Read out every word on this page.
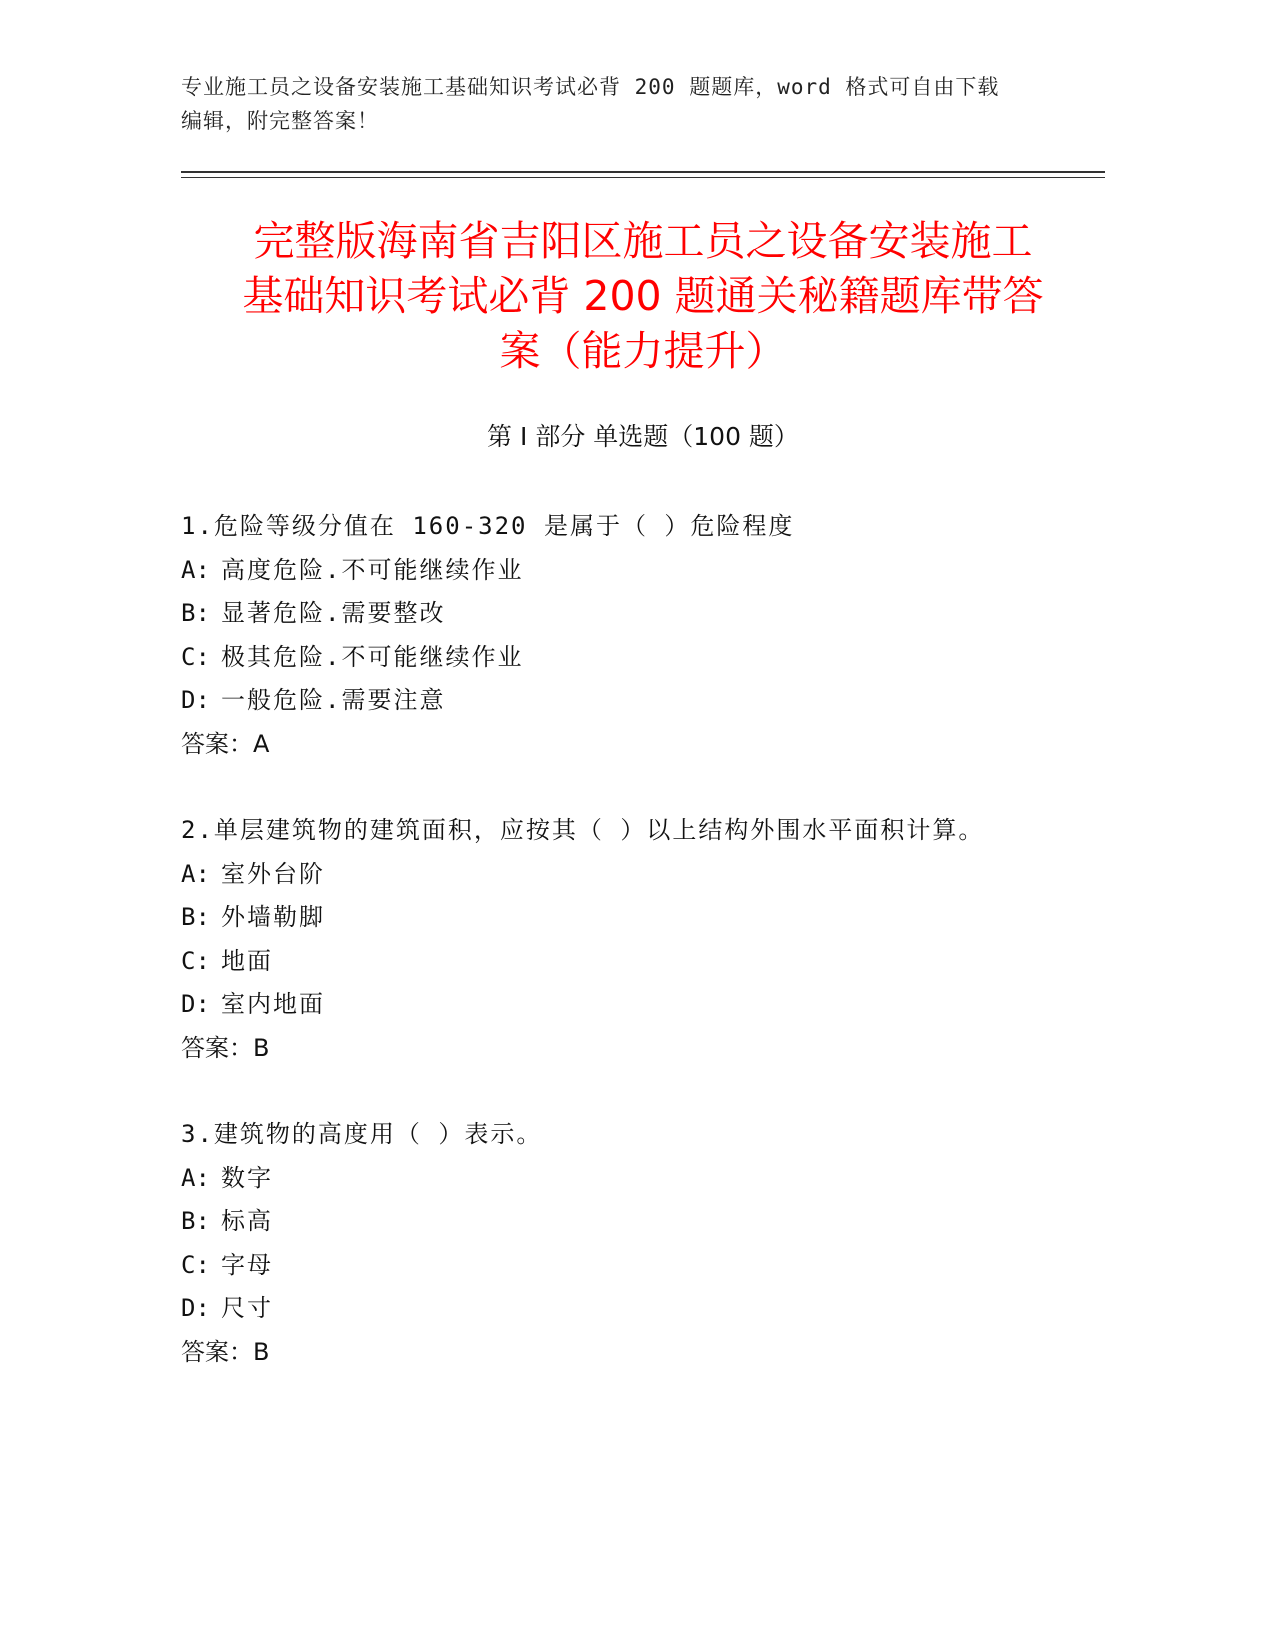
专业施工员之设备安装施工基础知识考试必背 200 题题库，word 格式可自由下载
编辑，附完整答案！
完整版海南省吉阳区施工员之设备安装施工
基础知识考试必背 200 题通关秘籍题库带答
案（能力提升）
第 I 部分 单选题（100 题）
1.危险等级分值在 160-320 是属于（ ）危险程度
A: 高度危险.不可能继续作业
B: 显著危险.需要整改
C: 极其危险.不可能继续作业
D: 一般危险.需要注意
答案：A
2.单层建筑物的建筑面积，应按其（ ）以上结构外围水平面积计算。
A: 室外台阶
B: 外墙勒脚
C: 地面
D: 室内地面
答案：B
3.建筑物的高度用（ ）表示。
A: 数字
B: 标高
C: 字母
D: 尺寸
答案：B
